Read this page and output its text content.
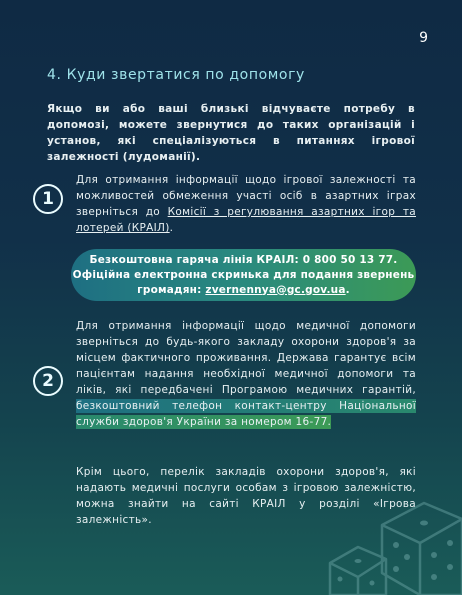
9
4. Куди звертатися по допомогу

Якщо ви або ваші близькі відчуваєте потребу в допомозі, можете звернутися до таких організацій і установ, які спеціалізуються в питаннях ігрової залежності (лудоманії).

1

Для отримання інформації щодо ігрової залежності та можливостей обмеження участі осіб в азартних іграх зверніться до Комісії з регулювання азартних ігор та лотерей (КРАІЛ).

Безкоштовна гаряча лінія КРАІЛ: 0 800 50 13 77.
Офіційна електронна скринька для подання звернень
громадян: zvernennya@gc.gov.ua.
2

Для отримання інформації щодо медичної допомоги зверніться до будь-якого закладу охорони здоров'я за місцем фактичного проживання. Держава гарантує всім пацієнтам надання необхідної медичної допомоги та ліків, які передбачені Програмою медичних гарантій, безкоштовний телефон контакт-центру Національної служби здоров'я України за номером 16-77.

Крім цього, перелік закладів охорони здоров'я, які надають медичні послуги особам з ігровою залежністю, можна знайти на сайті КРАІЛ у розділі «Ігрова залежність».
